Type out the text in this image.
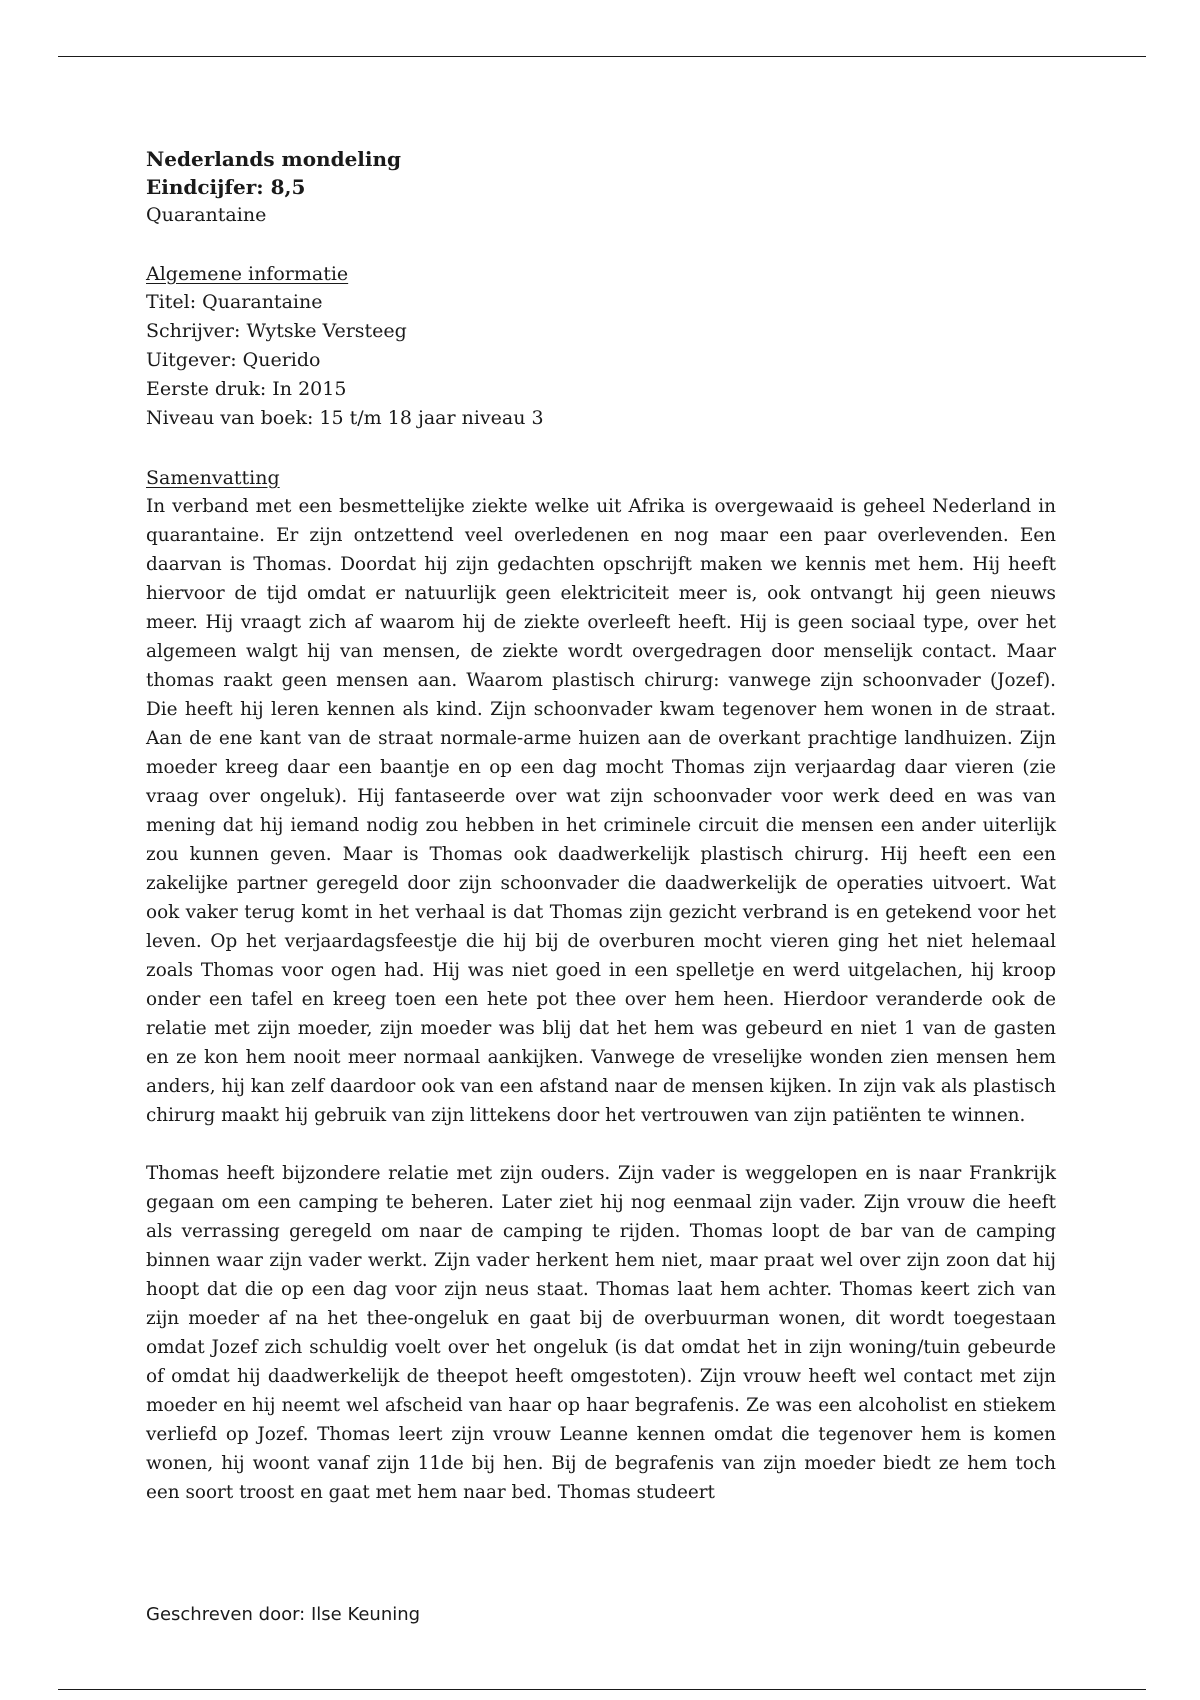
Nederlands mondeling
Eindcijfer: 8,5
Quarantaine
Algemene informatie
Titel: Quarantaine
Schrijver: Wytske Versteeg
Uitgever: Querido
Eerste druk: In 2015
Niveau van boek: 15 t/m 18 jaar niveau 3
Samenvatting

In verband met een besmettelijke ziekte welke uit Afrika is overgewaaid is geheel Nederland in quarantaine. Er zijn ontzettend veel overledenen en nog maar een paar overlevenden. Een daarvan is Thomas. Doordat hij zijn gedachten opschrijft maken we kennis met hem. Hij heeft hiervoor de tijd omdat er natuurlijk geen elektriciteit meer is, ook ontvangt hij geen nieuws meer. Hij vraagt zich af waarom hij de ziekte overleeft heeft. Hij is geen sociaal type, over het algemeen walgt hij van mensen, de ziekte wordt overgedragen door menselijk contact. Maar thomas raakt geen mensen aan. Waarom plastisch chirurg: vanwege zijn schoonvader (Jozef). Die heeft hij leren kennen als kind. Zijn schoonvader kwam tegenover hem wonen in de straat. Aan de ene kant van de straat normale-arme huizen aan de overkant prachtige landhuizen. Zijn moeder kreeg daar een baantje en op een dag mocht Thomas zijn verjaardag daar vieren (zie vraag over ongeluk). Hij fantaseerde over wat zijn schoonvader voor werk deed en was van mening dat hij iemand nodig zou hebben in het criminele circuit die mensen een ander uiterlijk zou kunnen geven. Maar is Thomas ook daadwerkelijk plastisch chirurg. Hij heeft een een zakelijke partner geregeld door zijn schoonvader die daadwerkelijk de operaties uitvoert. Wat ook vaker terug komt in het verhaal is dat Thomas zijn gezicht verbrand is en getekend voor het leven. Op het verjaardagsfeestje die hij bij de overburen mocht vieren ging het niet helemaal zoals Thomas voor ogen had. Hij was niet goed in een spelletje en werd uitgelachen, hij kroop onder een tafel en kreeg toen een hete pot thee over hem heen. Hierdoor veranderde ook de relatie met zijn moeder, zijn moeder was blij dat het hem was gebeurd en niet 1 van de gasten en ze kon hem nooit meer normaal aankijken. Vanwege de vreselijke wonden zien mensen hem anders, hij kan zelf daardoor ook van een afstand naar de mensen kijken. In zijn vak als plastisch chirurg maakt hij gebruik van zijn littekens door het vertrouwen van zijn patiënten te winnen.

Thomas heeft bijzondere relatie met zijn ouders. Zijn vader is weggelopen en is naar Frankrijk gegaan om een camping te beheren. Later ziet hij nog eenmaal zijn vader. Zijn vrouw die heeft als verrassing geregeld om naar de camping te rijden. Thomas loopt de bar van de camping binnen waar zijn vader werkt. Zijn vader herkent hem niet, maar praat wel over zijn zoon dat hij hoopt dat die op een dag voor zijn neus staat. Thomas laat hem achter. Thomas keert zich van zijn moeder af na het thee-ongeluk en gaat bij de overbuurman wonen, dit wordt toegestaan omdat Jozef zich schuldig voelt over het ongeluk (is dat omdat het in zijn woning/tuin gebeurde of omdat hij daadwerkelijk de theepot heeft omgestoten). Zijn vrouw heeft wel contact met zijn moeder en hij neemt wel afscheid van haar op haar begrafenis. Ze was een alcoholist en stiekem verliefd op Jozef. Thomas leert zijn vrouw Leanne kennen omdat die tegenover hem is komen wonen, hij woont vanaf zijn 11de bij hen. Bij de begrafenis van zijn moeder biedt ze hem toch een soort troost en gaat met hem naar bed. Thomas studeert

Geschreven door: Ilse Keuning
